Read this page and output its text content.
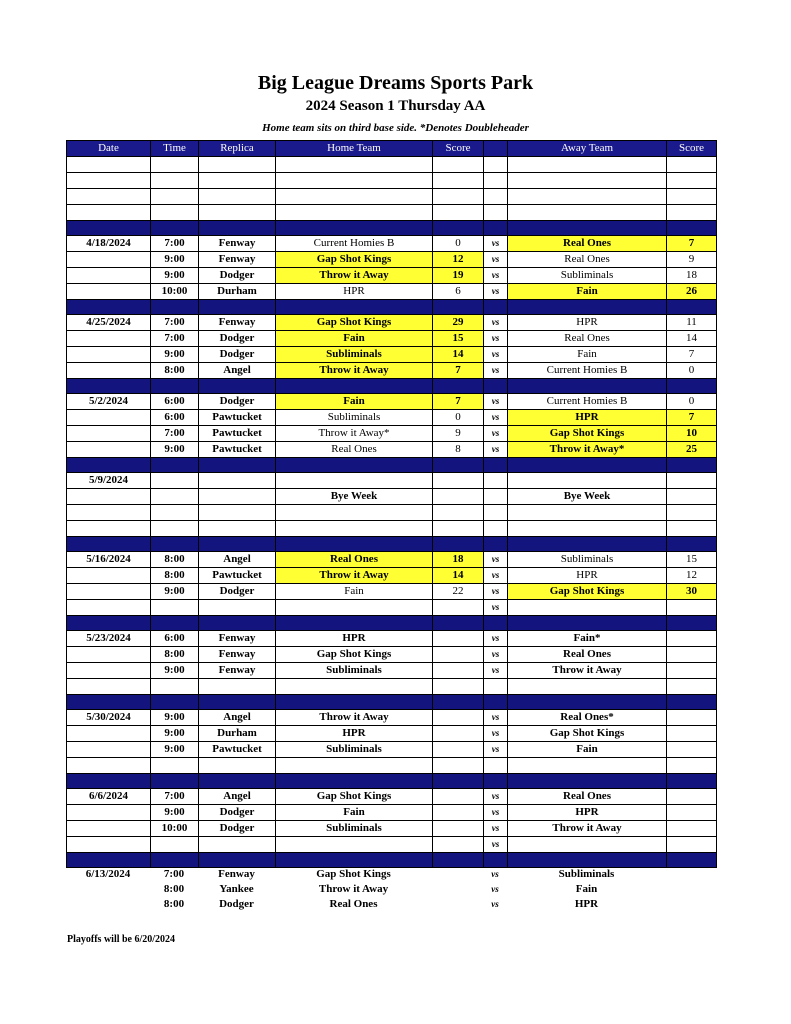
Big League Dreams Sports Park
2024 Season 1 Thursday AA
Home team sits on third base side. *Denotes Doubleheader
Date	Time	Replica	Home Team	Score		Away Team	Score

4/18/2024	7:00	Fenway	Current Homies B	0	vs	Real Ones	7
	9:00	Fenway	Gap Shot Kings	12	vs	Real Ones	9
	9:00	Dodger	Throw it Away	19	vs	Subliminals	18
	10:00	Durham	HPR	6	vs	Fain	26

4/25/2024	7:00	Fenway	Gap Shot Kings	29	vs	HPR	11
	7:00	Dodger	Fain	15	vs	Real Ones	14
	9:00	Dodger	Subliminals	14	vs	Fain	7
	8:00	Angel	Throw it Away	7	vs	Current Homies B	0

5/2/2024	6:00	Dodger	Fain	7	vs	Current Homies B	0
	6:00	Pawtucket	Subliminals	0	vs	HPR	7
	7:00	Pawtucket	Throw it Away*	9	vs	Gap Shot Kings	10
	9:00	Pawtucket	Real Ones	8	vs	Throw it Away*	25

5/9/2024							
			Bye Week			Bye Week	

5/16/2024	8:00	Angel	Real Ones	18	vs	Subliminals	15
	8:00	Pawtucket	Throw it Away	14	vs	HPR	12
	9:00	Dodger	Fain	22	vs	Gap Shot Kings	30
					vs		

5/23/2024	6:00	Fenway	HPR		vs	Fain*	
	8:00	Fenway	Gap Shot Kings		vs	Real Ones	
	9:00	Fenway	Subliminals		vs	Throw it Away	

5/30/2024	9:00	Angel	Throw it Away		vs	Real Ones*	
	9:00	Durham	HPR		vs	Gap Shot Kings	
	9:00	Pawtucket	Subliminals		vs	Fain	

6/6/2024	7:00	Angel	Gap Shot Kings		vs	Real Ones	
	9:00	Dodger	Fain		vs	HPR	
	10:00	Dodger	Subliminals		vs	Throw it Away	
					vs		

6/13/2024	7:00	Fenway	Gap Shot Kings		vs	Subliminals	
	8:00	Yankee	Throw it Away		vs	Fain	
	8:00	Dodger	Real Ones		vs	HPR	
Playoffs will be 6/20/2024
